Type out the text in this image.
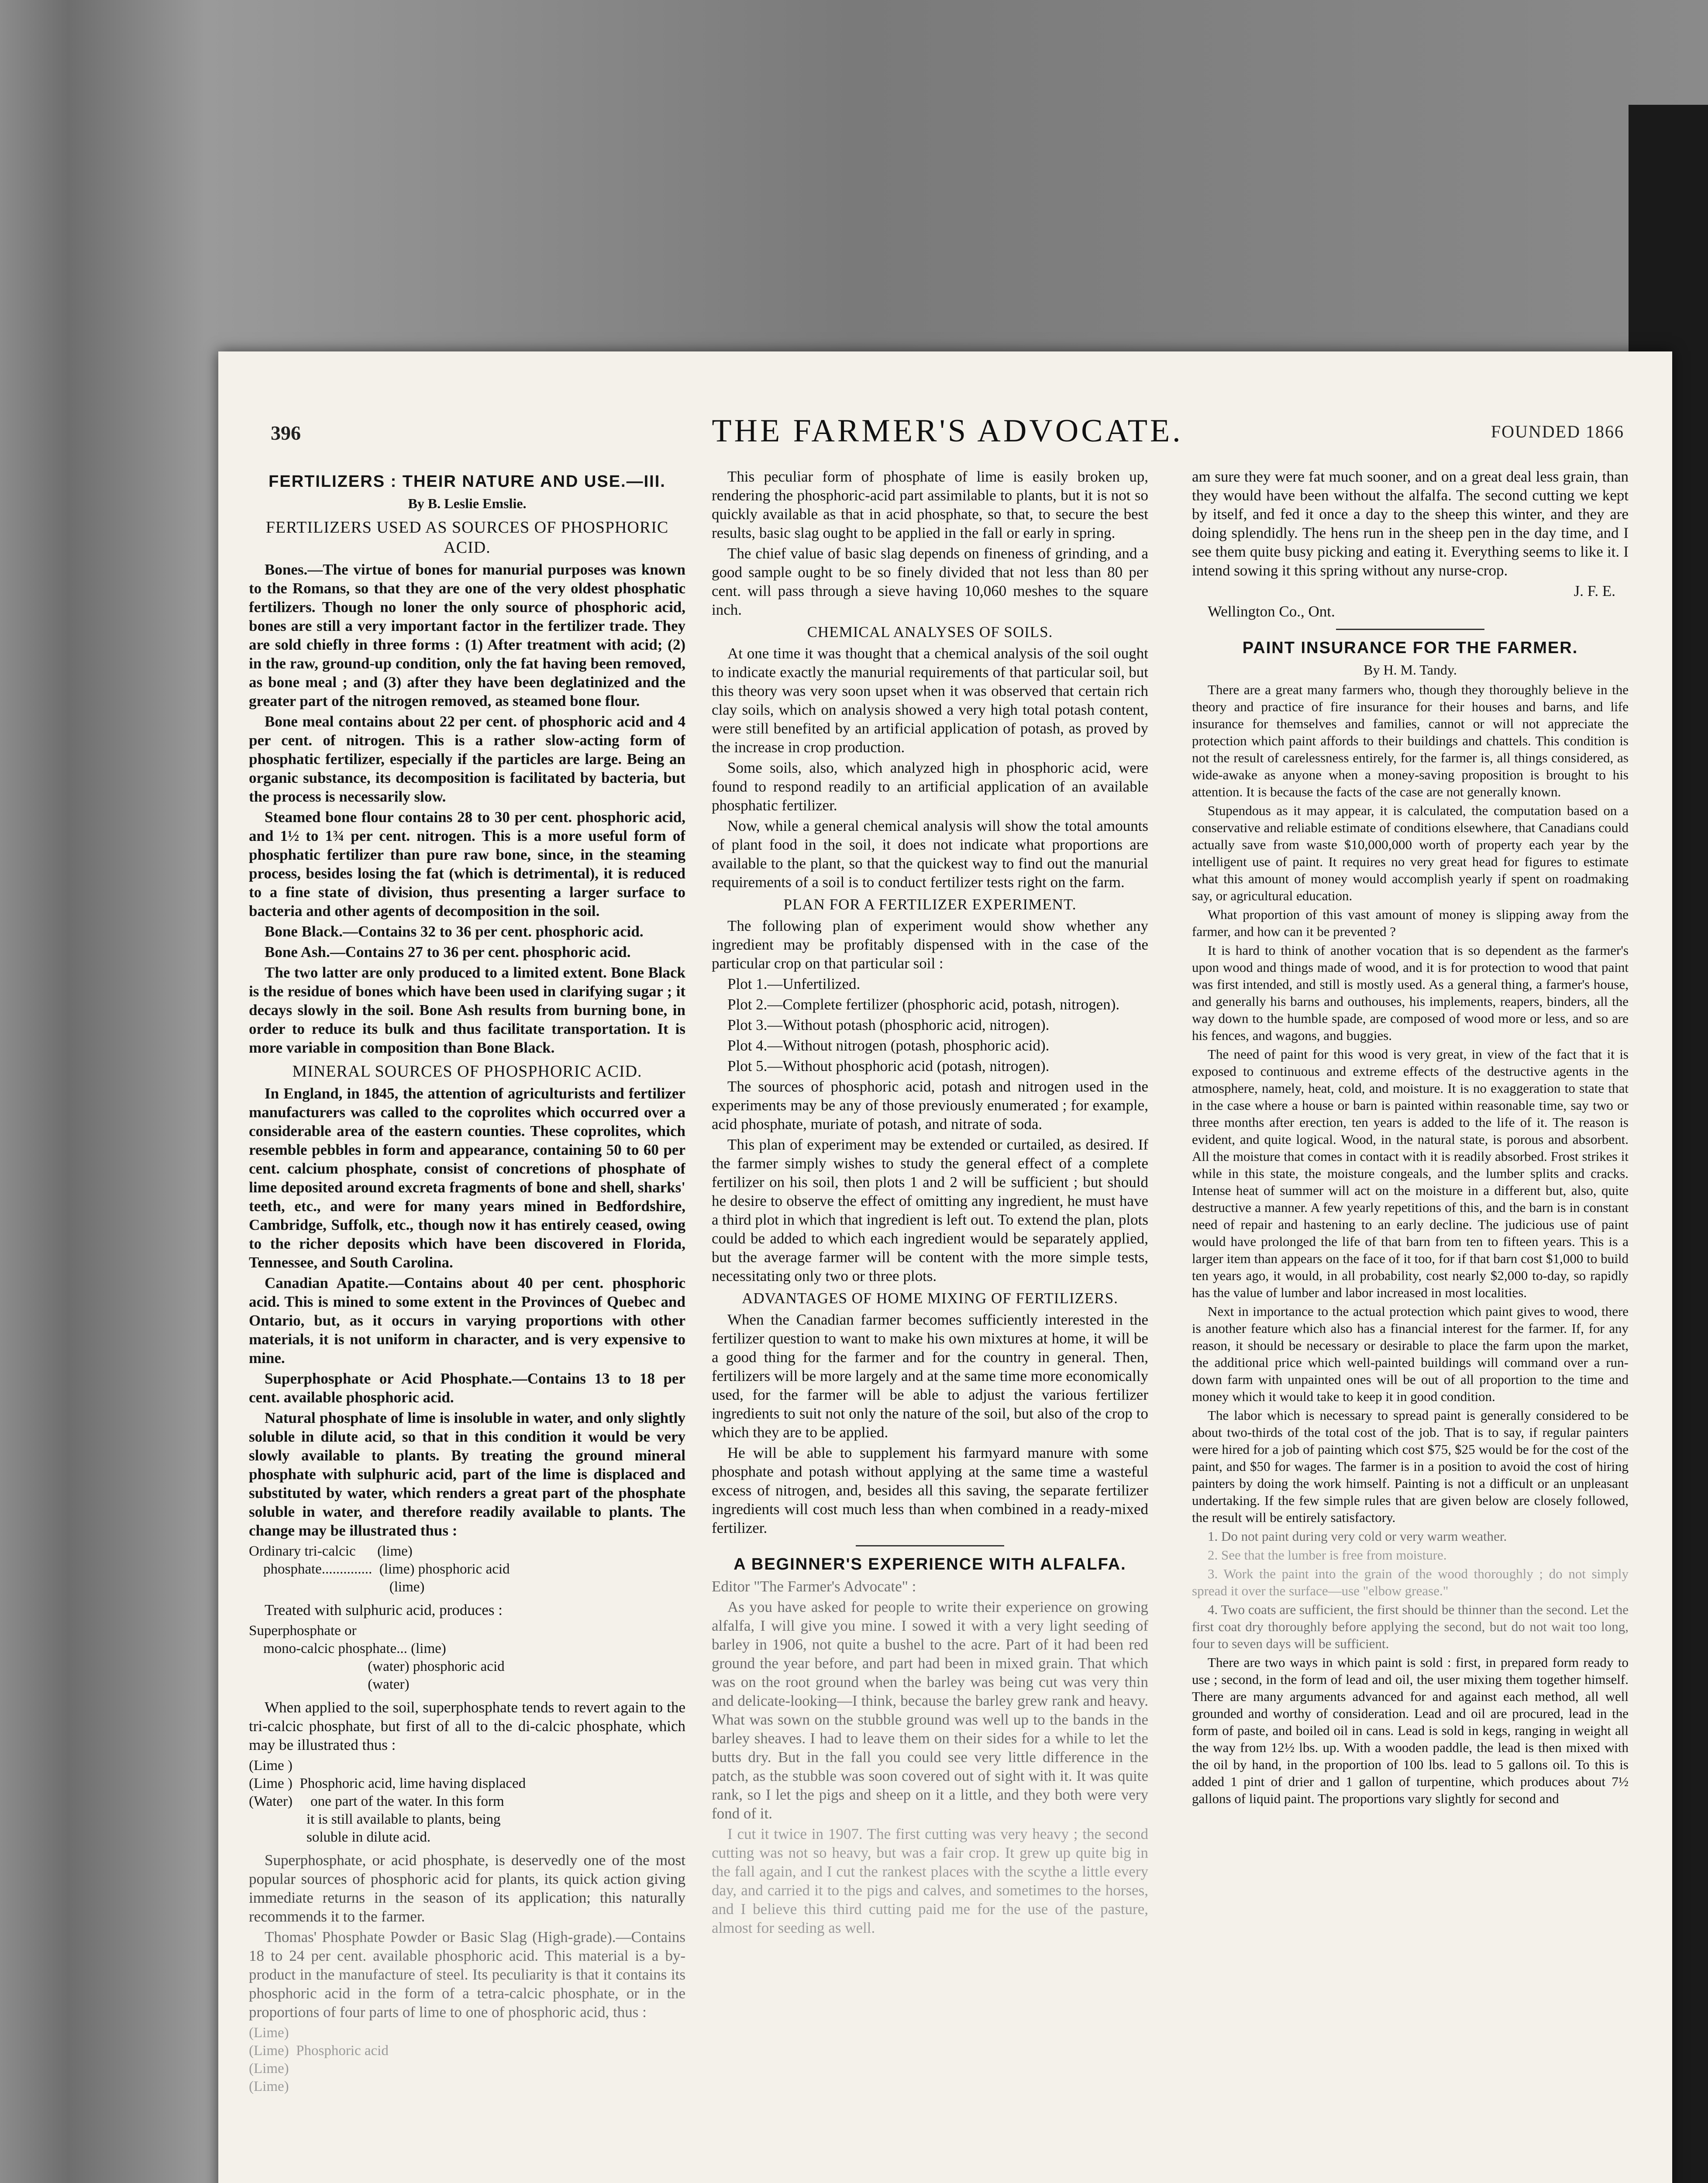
396	THE FARMER'S ADVOCATE.	FOUNDED 1866
FERTILIZERS : THEIR NATURE AND USE.—III.
By B. Leslie Emslie.
FERTILIZERS USED AS SOURCES OF PHOSPHORIC ACID.

Bones.—The virtue of bones for manurial purposes was known to the Romans, so that they are one of the very oldest phosphatic fertilizers. Though no loner the only source of phosphoric acid, bones are still a very important factor in the fertilizer trade. They are sold chiefly in three forms : (1) After treatment with acid; (2) in the raw, ground-up condition, only the fat having been removed, as bone meal ; and (3) after they have been deglatinized and the greater part of the nitrogen removed, as steamed bone flour.

Bone meal contains about 22 per cent. of phosphoric acid and 4 per cent. of nitrogen. This is a rather slow-acting form of phosphatic fertilizer, especially if the particles are large. Being an organic substance, its decomposition is facilitated by bacteria, but the process is necessarily slow.

Steamed bone flour contains 28 to 30 per cent. phosphoric acid, and 1½ to 1¾ per cent. nitrogen. This is a more useful form of phosphatic fertilizer than pure raw bone, since, in the steaming process, besides losing the fat (which is detrimental), it is reduced to a fine state of division, thus presenting a larger surface to bacteria and other agents of decomposition in the soil.

Bone Black.—Contains 32 to 36 per cent. phosphoric acid.

Bone Ash.—Contains 27 to 36 per cent. phosphoric acid.

The two latter are only produced to a limited extent. Bone Black is the residue of bones which have been used in clarifying sugar ; it decays slowly in the soil. Bone Ash results from burning bone, in order to reduce its bulk and thus facilitate transportation. It is more variable in composition than Bone Black.

MINERAL SOURCES OF PHOSPHORIC ACID.

In England, in 1845, the attention of agriculturists and fertilizer manufacturers was called to the coprolites which occurred over a considerable area of the eastern counties. These coprolites, which resemble pebbles in form and appearance, containing 50 to 60 per cent. calcium phosphate, consist of concretions of phosphate of lime deposited around excreta fragments of bone and shell, sharks' teeth, etc., and were for many years mined in Bedfordshire, Cambridge, Suffolk, etc., though now it has entirely ceased, owing to the richer deposits which have been discovered in Florida, Tennessee, and South Carolina.

Canadian Apatite.—Contains about 40 per cent. phosphoric acid. This is mined to some extent in the Provinces of Quebec and Ontario, but, as it occurs in varying proportions with other materials, it is not uniform in character, and is very expensive to mine.

Superphosphate or Acid Phosphate.—Contains 13 to 18 per cent. available phosphoric acid.

Natural phosphate of lime is insoluble in water, and only slightly soluble in dilute acid, so that in this condition it would be very slowly available to plants. By treating the ground mineral phosphate with sulphuric acid, part of the lime is displaced and substituted by water, which renders a great part of the phosphate soluble in water, and therefore readily available to plants. The change may be illustrated thus :

Ordinary tri-calcic      (lime)
phosphate..............  (lime) phosphoric acid
(lime)

Treated with sulphuric acid, produces :

Superphosphate or
mono-calcic phosphate... (lime)
(water) phosphoric acid
(water)

When applied to the soil, superphosphate tends to revert again to the tri-calcic phosphate, but first of all to the di-calcic phosphate, which may be illustrated thus :

(Lime )
(Lime )  Phosphoric acid, lime having displaced
(Water)     one part of the water. In this form
it is still available to plants, being
soluble in dilute acid.

Superphosphate, or acid phosphate, is deservedly one of the most popular sources of phosphoric acid for plants, its quick action giving immediate returns in the season of its application; this naturally recommends it to the farmer.

Thomas' Phosphate Powder or Basic Slag (High-grade).—Contains 18 to 24 per cent. available phosphoric acid. This material is a by-product in the manufacture of steel. Its peculiarity is that it contains its phosphoric acid in the form of a tetra-calcic phosphate, or in the proportions of four parts of lime to one of phosphoric acid, thus :

(Lime)
(Lime)  Phosphoric acid
(Lime)
(Lime)

This peculiar form of phosphate of lime is easily broken up, rendering the phosphoric-acid part assimilable to plants, but it is not so quickly available as that in acid phosphate, so that, to secure the best results, basic slag ought to be applied in the fall or early in spring.

The chief value of basic slag depends on fineness of grinding, and a good sample ought to be so finely divided that not less than 80 per cent. will pass through a sieve having 10,060 meshes to the square inch.

CHEMICAL ANALYSES OF SOILS.

At one time it was thought that a chemical analysis of the soil ought to indicate exactly the manurial requirements of that particular soil, but this theory was very soon upset when it was observed that certain rich clay soils, which on analysis showed a very high total potash content, were still benefited by an artificial application of potash, as proved by the increase in crop production.

Some soils, also, which analyzed high in phosphoric acid, were found to respond readily to an artificial application of an available phosphatic fertilizer.

Now, while a general chemical analysis will show the total amounts of plant food in the soil, it does not indicate what proportions are available to the plant, so that the quickest way to find out the manurial requirements of a soil is to conduct fertilizer tests right on the farm.

PLAN FOR A FERTILIZER EXPERIMENT.

The following plan of experiment would show whether any ingredient may be profitably dispensed with in the case of the particular crop on that particular soil :

Plot 1.—Unfertilized.

Plot 2.—Complete fertilizer (phosphoric acid, potash, nitrogen).

Plot 3.—Without potash (phosphoric acid, nitrogen).

Plot 4.—Without nitrogen (potash, phosphoric acid).

Plot 5.—Without phosphoric acid (potash, nitrogen).

The sources of phosphoric acid, potash and nitrogen used in the experiments may be any of those previously enumerated ; for example, acid phosphate, muriate of potash, and nitrate of soda.

This plan of experiment may be extended or curtailed, as desired. If the farmer simply wishes to study the general effect of a complete fertilizer on his soil, then plots 1 and 2 will be sufficient ; but should he desire to observe the effect of omitting any ingredient, he must have a third plot in which that ingredient is left out. To extend the plan, plots could be added to which each ingredient would be separately applied, but the average farmer will be content with the more simple tests, necessitating only two or three plots.

ADVANTAGES OF HOME MIXING OF FERTILIZERS.

When the Canadian farmer becomes sufficiently interested in the fertilizer question to want to make his own mixtures at home, it will be a good thing for the farmer and for the country in general. Then, fertilizers will be more largely and at the same time more economically used, for the farmer will be able to adjust the various fertilizer ingredients to suit not only the nature of the soil, but also of the crop to which they are to be applied.

He will be able to supplement his farmyard manure with some phosphate and potash without applying at the same time a wasteful excess of nitrogen, and, besides all this saving, the separate fertilizer ingredients will cost much less than when combined in a ready-mixed fertilizer.

A BEGINNER'S EXPERIENCE WITH ALFALFA.

Editor "The Farmer's Advocate" :

As you have asked for people to write their experience on growing alfalfa, I will give you mine. I sowed it with a very light seeding of barley in 1906, not quite a bushel to the acre. Part of it had been red ground the year before, and part had been in mixed grain. That which was on the root ground when the barley was being cut was very thin and delicate-looking—I think, because the barley grew rank and heavy. What was sown on the stubble ground was well up to the bands in the barley sheaves. I had to leave them on their sides for a while to let the butts dry. But in the fall you could see very little difference in the patch, as the stubble was soon covered out of sight with it. It was quite rank, so I let the pigs and sheep on it a little, and they both were very fond of it.

I cut it twice in 1907. The first cutting was very heavy ; the second cutting was not so heavy, but was a fair crop. It grew up quite big in the fall again, and I cut the rankest places with the scythe a little every day, and carried it to the pigs and calves, and sometimes to the horses, and I believe this third cutting paid me for the use of the pasture, almost for seeding as well.

am sure they were fat much sooner, and on a great deal less grain, than they would have been without the alfalfa. The second cutting we kept by itself, and fed it once a day to the sheep this winter, and they are doing splendidly. The hens run in the sheep pen in the day time, and I see them quite busy picking and eating it. Everything seems to like it. I intend sowing it this spring without any nurse-crop.

J. F. E.

Wellington Co., Ont.

PAINT INSURANCE FOR THE FARMER.
By H. M. Tandy.

There are a great many farmers who, though they thoroughly believe in the theory and practice of fire insurance for their houses and barns, and life insurance for themselves and families, cannot or will not appreciate the protection which paint affords to their buildings and chattels. This condition is not the result of carelessness entirely, for the farmer is, all things considered, as wide-awake as anyone when a money-saving proposition is brought to his attention. It is because the facts of the case are not generally known.

Stupendous as it may appear, it is calculated, the computation based on a conservative and reliable estimate of conditions elsewhere, that Canadians could actually save from waste $10,000,000 worth of property each year by the intelligent use of paint. It requires no very great head for figures to estimate what this amount of money would accomplish yearly if spent on roadmaking say, or agricultural education.

What proportion of this vast amount of money is slipping away from the farmer, and how can it be prevented ?

It is hard to think of another vocation that is so dependent as the farmer's upon wood and things made of wood, and it is for protection to wood that paint was first intended, and still is mostly used. As a general thing, a farmer's house, and generally his barns and outhouses, his implements, reapers, binders, all the way down to the humble spade, are composed of wood more or less, and so are his fences, and wagons, and buggies.

The need of paint for this wood is very great, in view of the fact that it is exposed to continuous and extreme effects of the destructive agents in the atmosphere, namely, heat, cold, and moisture. It is no exaggeration to state that in the case where a house or barn is painted within reasonable time, say two or three months after erection, ten years is added to the life of it. The reason is evident, and quite logical. Wood, in the natural state, is porous and absorbent. All the moisture that comes in contact with it is readily absorbed. Frost strikes it while in this state, the moisture congeals, and the lumber splits and cracks. Intense heat of summer will act on the moisture in a different but, also, quite destructive a manner. A few yearly repetitions of this, and the barn is in constant need of repair and hastening to an early decline. The judicious use of paint would have prolonged the life of that barn from ten to fifteen years. This is a larger item than appears on the face of it too, for if that barn cost $1,000 to build ten years ago, it would, in all probability, cost nearly $2,000 to-day, so rapidly has the value of lumber and labor increased in most localities.

Next in importance to the actual protection which paint gives to wood, there is another feature which also has a financial interest for the farmer. If, for any reason, it should be necessary or desirable to place the farm upon the market, the additional price which well-painted buildings will command over a run-down farm with unpainted ones will be out of all proportion to the time and money which it would take to keep it in good condition.

The labor which is necessary to spread paint is generally considered to be about two-thirds of the total cost of the job. That is to say, if regular painters were hired for a job of painting which cost $75, $25 would be for the cost of the paint, and $50 for wages. The farmer is in a position to avoid the cost of hiring painters by doing the work himself. Painting is not a difficult or an unpleasant undertaking. If the few simple rules that are given below are closely followed, the result will be entirely satisfactory.

1. Do not paint during very cold or very warm weather.

2. See that the lumber is free from moisture.

3. Work the paint into the grain of the wood thoroughly ; do not simply spread it over the surface—use "elbow grease."

4. Two coats are sufficient, the first should be thinner than the second. Let the first coat dry thoroughly before applying the second, but do not wait too long, four to seven days will be sufficient.

There are two ways in which paint is sold : first, in prepared form ready to use ; second, in the form of lead and oil, the user mixing them together himself. There are many arguments advanced for and against each method, all well grounded and worthy of consideration. Lead and oil are procured, lead in the form of paste, and boiled oil in cans. Lead is sold in kegs, ranging in weight all the way from 12½ lbs. up. With a wooden paddle, the lead is then mixed with the oil by hand, in the proportion of 100 lbs. lead to 5 gallons oil. To this is added 1 pint of drier and 1 gallon of turpentine, which produces about 7½ gallons of liquid paint. The proportions vary slightly for second and
